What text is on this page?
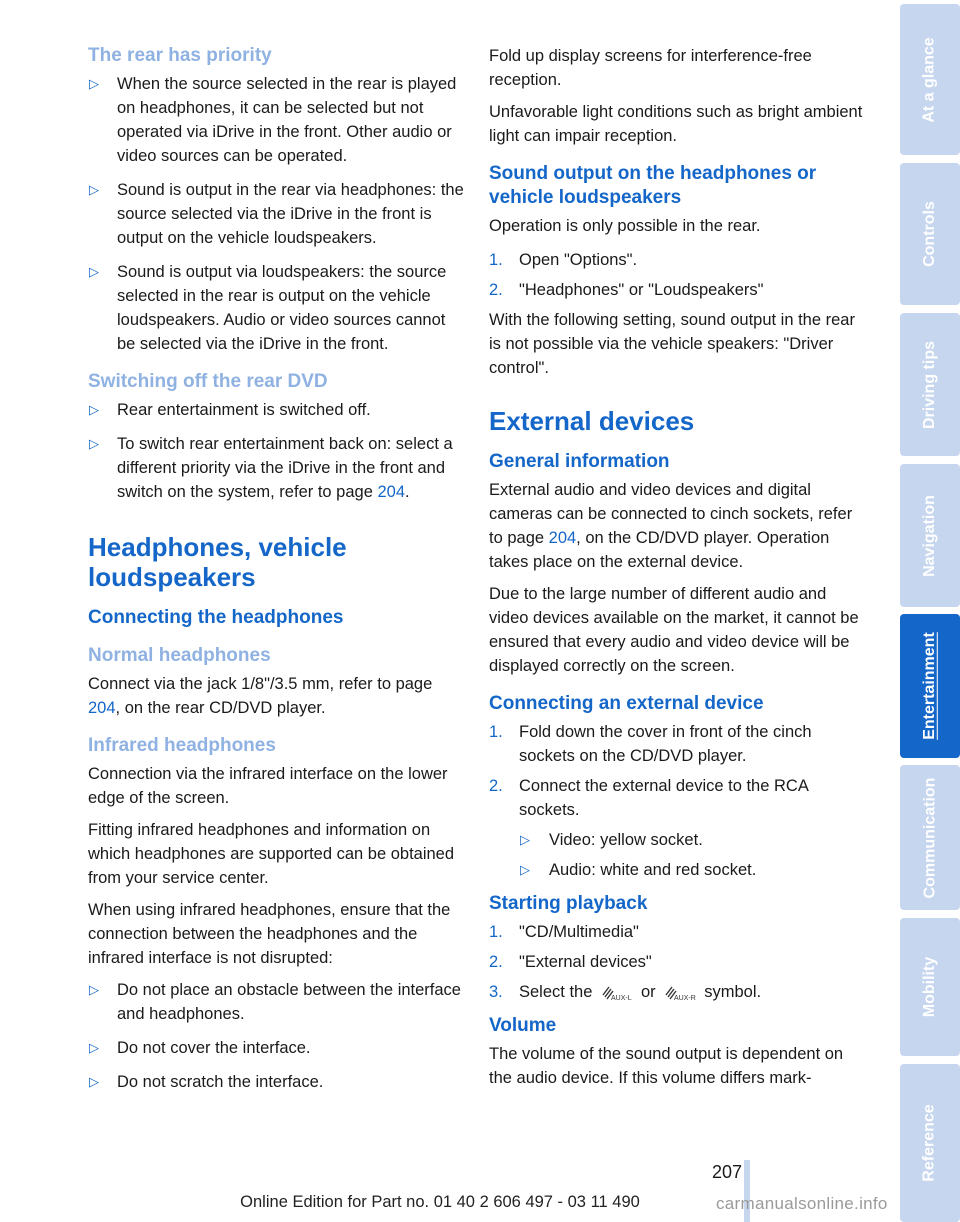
The rear has priority
▷ When the source selected in the rear is played on headphones, it can be selected but not operated via iDrive in the front. Other audio or video sources can be operated.
▷ Sound is output in the rear via headphones: the source selected via the iDrive in the front is output on the vehicle loudspeakers.
▷ Sound is output via loudspeakers: the source selected in the rear is output on the vehicle loudspeakers. Audio or video sources cannot be selected via the iDrive in the front.
Switching off the rear DVD
▷ Rear entertainment is switched off.
▷ To switch rear entertainment back on: select a different priority via the iDrive in the front and switch on the system, refer to page 204.
Headphones, vehicle loudspeakers
Connecting the headphones
Normal headphones

Connect via the jack 1/8"/3.5 mm, refer to page 204, on the rear CD/DVD player.

Infrared headphones

Connection via the infrared interface on the lower edge of the screen.

Fitting infrared headphones and information on which headphones are supported can be obtained from your service center.

When using infrared headphones, ensure that the connection between the headphones and the infrared interface is not disrupted:

▷ Do not place an obstacle between the interface and headphones.
▷ Do not cover the interface.
▷ Do not scratch the interface.

Fold up display screens for interference-free reception.

Unfavorable light conditions such as bright ambient light can impair reception.

Sound output on the headphones or vehicle loudspeakers

Operation is only possible in the rear.

1. Open "Options".
2. "Headphones" or "Loudspeakers"

With the following setting, sound output in the rear is not possible via the vehicle speakers: "Driver control".

External devices
General information

External audio and video devices and digital cameras can be connected to cinch sockets, refer to page 204, on the CD/DVD player. Operation takes place on the external device.

Due to the large number of different audio and video devices available on the market, it cannot be ensured that every audio and video device will be displayed correctly on the screen.

Connecting an external device
1. Fold down the cover in front of the cinch sockets on the CD/DVD player.
2. Connect the external device to the RCA sockets.
▷ Video: yellow socket.
▷ Audio: white and red socket.
Starting playback
1. "CD/Multimedia"
2. "External devices"
3. Select the	AUX-L or	AUX-R symbol.
Volume

The volume of the sound output is dependent on the audio device. If this volume differs mark-

At a glance
Controls
Driving tips
Navigation
Entertainment
Communication
Mobility
Reference
207
Online Edition for Part no. 01 40 2 606 497 - 03 11 490	carmanualsonline.info
